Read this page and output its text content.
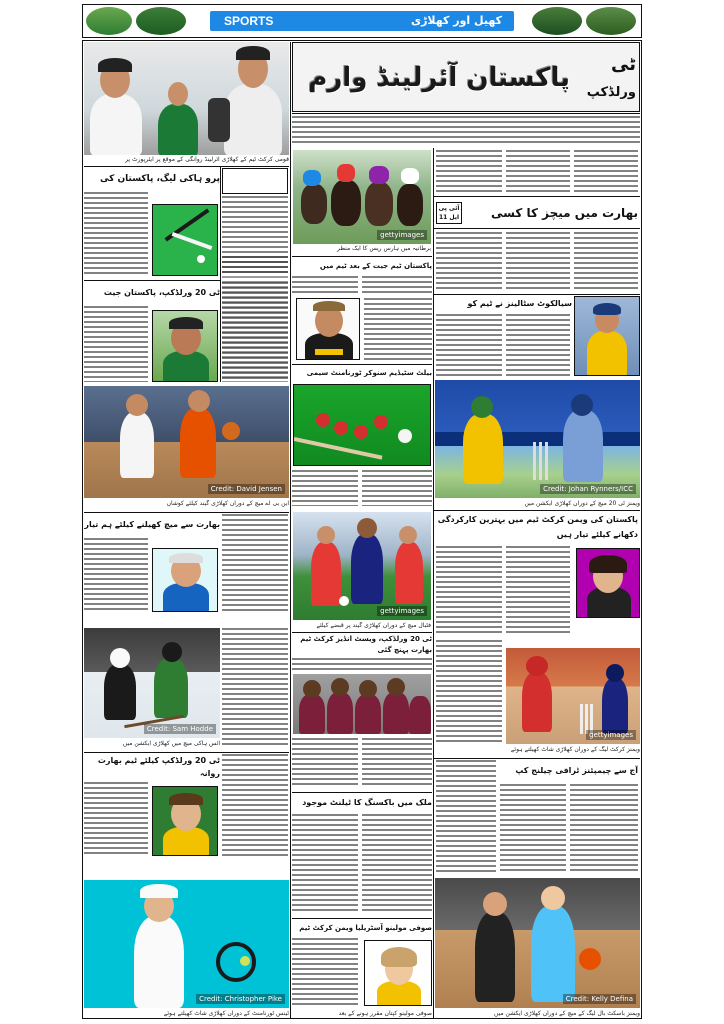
SPORTS	کھیل اور کھلاڑی
قومی کرکٹ ٹیم کے کھلاڑی آئرلینڈ روانگی کے موقع پر ایئرپورٹ پر
پاکستان آئرلینڈ وارم	ٹی
ورلڈکپ
gettyimages
برطانیہ میں ہارس ریس کا ایک منظر
بھارت میں میچز کا کسی
آئی پی ایل 11
سیالکوٹ سٹالینز نے ٹیم کو
Credit: Johan Rynners/ICC
ویمنز ٹی 20 میچ کے دوران کھلاڑی ایکشن میں
پرو ہاکی لیگ، پاکستان کی
ٹی 20 ورلڈکپ، پاکستان جیت
پاکستان ٹیم جیت کے بعد ٹیم میں
بیلٹ سٹیڈیم سنوکر ٹورنامنٹ سیمی
Credit: David Jensen
این بی اے میچ کے دوران کھلاڑی گیند کیلئے کوشاں
بھارت سے میچ کھیلنے کیلئے ہم تیار
gettyimages
فٹبال میچ کے دوران کھلاڑی گیند پر قبضے کیلئے
پاکستان کی ویمن کرکٹ ٹیم میں بہترین کارکردگی دکھانے کیلئے تیار ہیں
Credit: Sam Hodde
آئس ہاکی میچ میں کھلاڑی ایکشن میں
ٹی 20 ورلڈکپ، ویسٹ انڈیز کرکٹ ٹیم بھارت پہنچ گئی
gettyimages
ویمنز کرکٹ لیگ کے دوران کھلاڑی شاٹ کھیلتے ہوئے
ٹی 20 ورلڈکپ کیلئے ٹیم بھارت روانہ
ملک میں باکسنگ کا ٹیلنٹ موجود
آج سے چیمپئنز ٹرافی چیلنج کپ
Credit: Christopher Pike
ٹینس ٹورنامنٹ کے دوران کھلاڑی شاٹ کھیلتے ہوئے
صوفی مولینو آسٹریلیا ویمن کرکٹ ٹیم
صوفی مولینو کپتان مقرر ہونے کے بعد
Credit: Kelly Defina
ویمنز باسکٹ بال لیگ کے میچ کے دوران کھلاڑی ایکشن میں
